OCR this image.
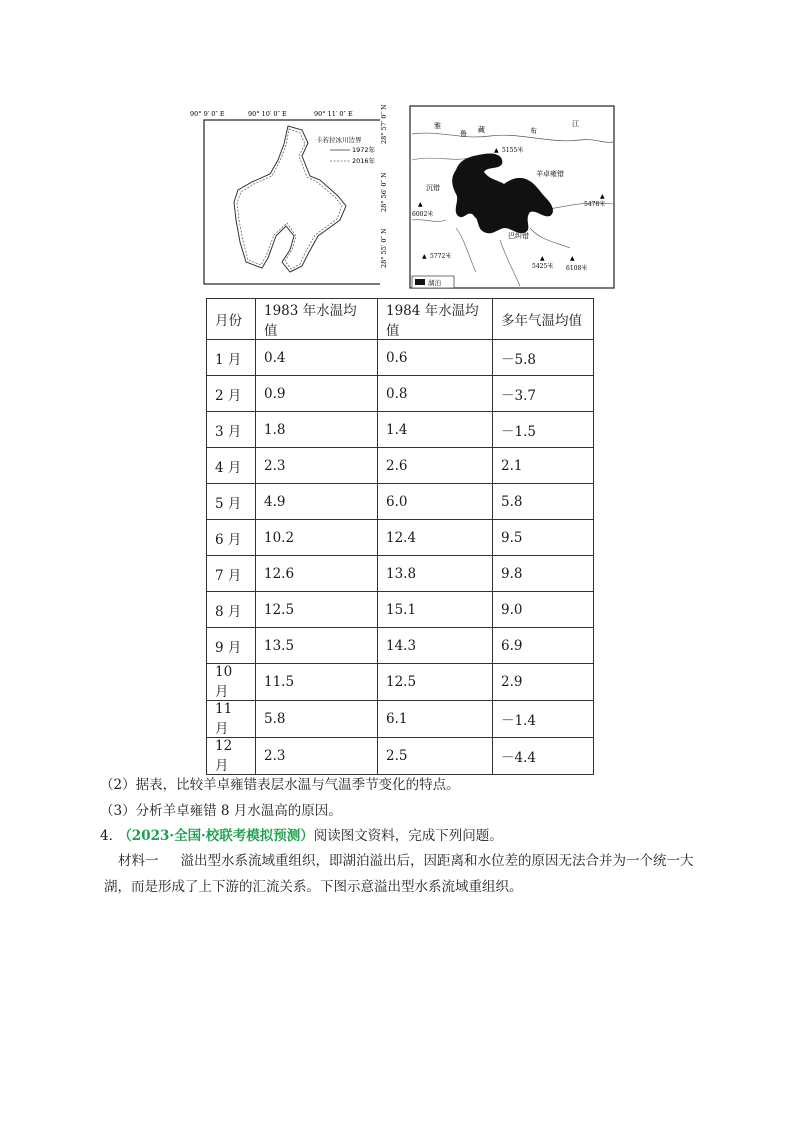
90° 9′ 0″ E	90° 10′ 0″ E	90° 11′ 0″ E
卡若拉冰川边界
1972年
2016年
28° 57′ 0″ N
28° 56′ 0″ N
28° 55′ 0″ N
雅
鲁 藏	布
江
羊卓雍错
沉错
巴纠错
▲ 5155米
▲
5478米
▲
6002米
▲ 5772米	▲
5425米
▲
6108米
湖泊
月份	1983 年水温均值	1984 年水温均值	多年气温均值
1 月	0.4	0.6	－5.8
2 月	0.9	0.8	－3.7
3 月	1.8	1.4	－1.5
4 月	2.3	2.6	2.1
5 月	4.9	6.0	5.8
6 月	10.2	12.4	9.5
7 月	12.6	13.8	9.8
8 月	12.5	15.1	9.0
9 月	13.5	14.3	6.9
10 月	11.5	12.5	2.9
11 月	5.8	6.1	－1.4
12 月	2.3	2.5	－4.4
（2）据表，比较羊卓雍错表层水温与气温季节变化的特点。
（3）分析羊卓雍错 8 月水温高的原因。
4． （2023·全国·校联考模拟预测）阅读图文资料，完成下列问题。
材料一 溢出型水系流域重组织，即湖泊溢出后，因距离和水位差的原因无法合并为一个统一大湖，而是形成了上下游的汇流关系。下图示意溢出型水系流域重组织。
